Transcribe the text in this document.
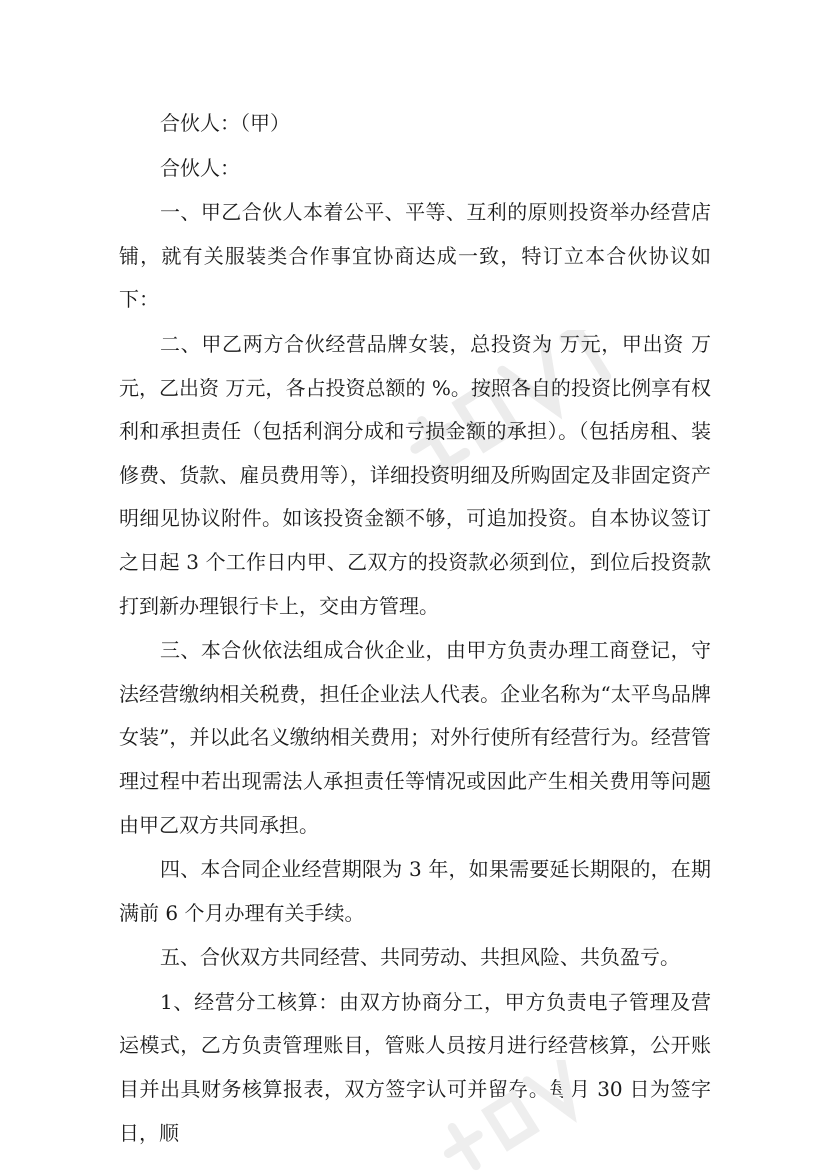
合伙人：（甲）

合伙人：

一、甲乙合伙人本着公平、平等、互利的原则投资举办经营店铺，就有关服装类合作事宜协商达成一致，特订立本合伙协议如下：

二、甲乙两方合伙经营品牌女装，总投资为 万元，甲出资 万元，乙出资 万元，各占投资总额的 %。按照各自的投资比例享有权利和承担责任（包括利润分成和亏损金额的承担）。（包括房租、装修费、货款、雇员费用等），详细投资明细及所购固定及非固定资产明细见协议附件。如该投资金额不够，可追加投资。自本协议签订之日起 3 个工作日内甲、乙双方的投资款必须到位，到位后投资款打到新办理银行卡上，交由方管理。

三、本合伙依法组成合伙企业，由甲方负责办理工商登记，守法经营缴纳相关税费，担任企业法人代表。企业名称为“太平鸟品牌女装”，并以此名义缴纳相关费用；对外行使所有经营行为。经营管理过程中若出现需法人承担责任等情况或因此产生相关费用等问题由甲乙双方共同承担。

四、本合同企业经营期限为 3 年，如果需要延长期限的，在期满前 6 个月办理有关手续。

五、合伙双方共同经营、共同劳动、共担风险、共负盈亏。

1、经营分工核算：由双方协商分工，甲方负责电子管理及营运模式，乙方负责管理账目，管账人员按月进行经营核算，公开账目并出具财务核算报表，双方签字认可并留存。每月 30 日为签字日，顺
